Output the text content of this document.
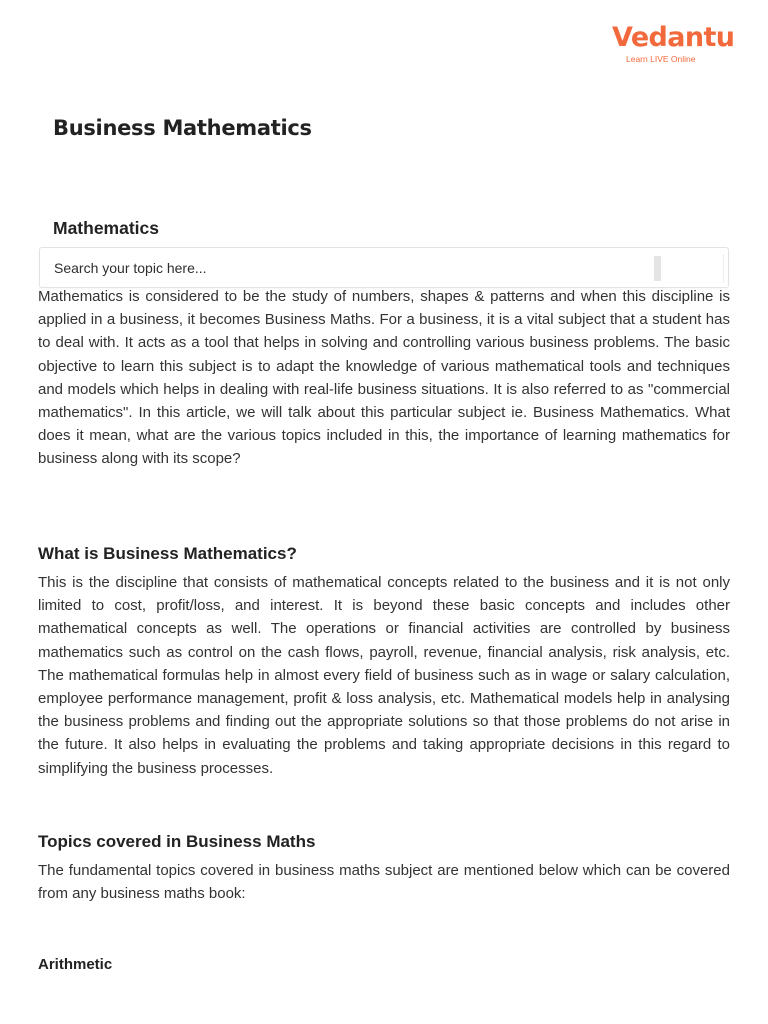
Vedantu
Learn LIVE Online
Business Mathematics
Mathematics
Search your topic here...

Mathematics is considered to be the study of numbers, shapes & patterns and when this discipline is applied in a business, it becomes Business Maths. For a business, it is a vital subject that a student has to deal with. It acts as a tool that helps in solving and controlling various business problems. The basic objective to learn this subject is to adapt the knowledge of various mathematical tools and techniques and models which helps in dealing with real-life business situations. It is also referred to as "commercial mathematics". In this article, we will talk about this particular subject ie. Business Mathematics. What does it mean, what are the various topics included in this, the importance of learning mathematics for business along with its scope?

What is Business Mathematics?

This is the discipline that consists of mathematical concepts related to the business and it is not only limited to cost, profit/loss, and interest. It is beyond these basic concepts and includes other mathematical concepts as well. The operations or financial activities are controlled by business mathematics such as control on the cash flows, payroll, revenue, financial analysis, risk analysis, etc. The mathematical formulas help in almost every field of business such as in wage or salary calculation, employee performance management, profit & loss analysis, etc. Mathematical models help in analysing the business problems and finding out the appropriate solutions so that those problems do not arise in the future. It also helps in evaluating the problems and taking appropriate decisions in this regard to simplifying the business processes.

Topics covered in Business Maths

The fundamental topics covered in business maths subject are mentioned below which can be covered from any business maths book:

Arithmetic
